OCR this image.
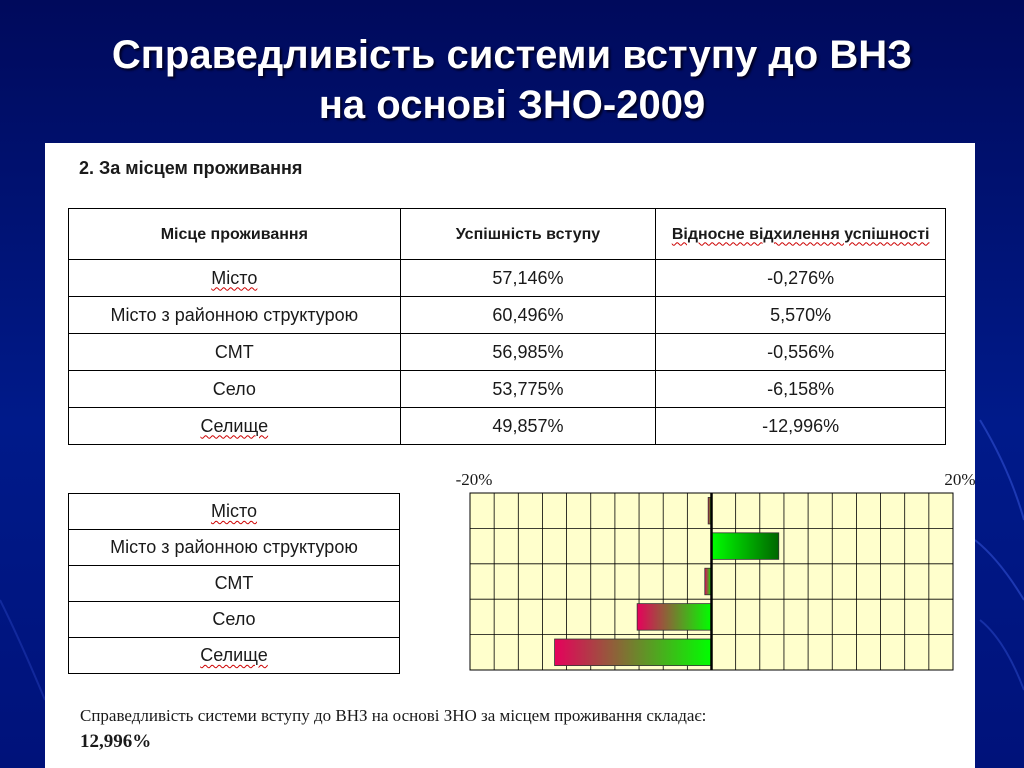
Справедливість системи вступу до ВНЗ
на основі ЗНО-2009
2. За місцем проживання
Місце проживання	Успішність вступу	Відносне відхилення успішності
Місто	57,146%	-0,276%
Місто з районною структурою	60,496%	5,570%
СМТ	56,985%	-0,556%
Село	53,775%	-6,158%
Селище	49,857%	-12,996%
Місто
Місто з районною структурою
СМТ
Село
Селище
-20%	20%
Справедливість системи вступу до ВНЗ на основі ЗНО за місцем проживання складає:
12,996%
